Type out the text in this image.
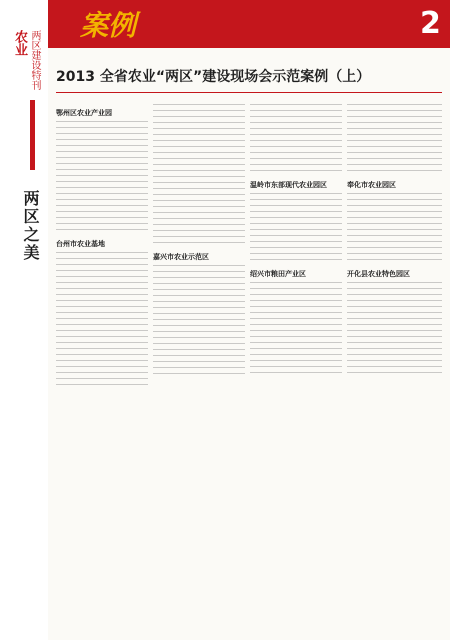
农业 两区建设特刊
两区之美
案例	2
2013 全省农业“两区”建设现场会示范案例（上）
鄂州区农业产业园
台州市农业基地
嘉兴市农业示范区
温岭市东部现代农业园区
绍兴市粮田产业区
奉化市农业园区
开化县农业特色园区
